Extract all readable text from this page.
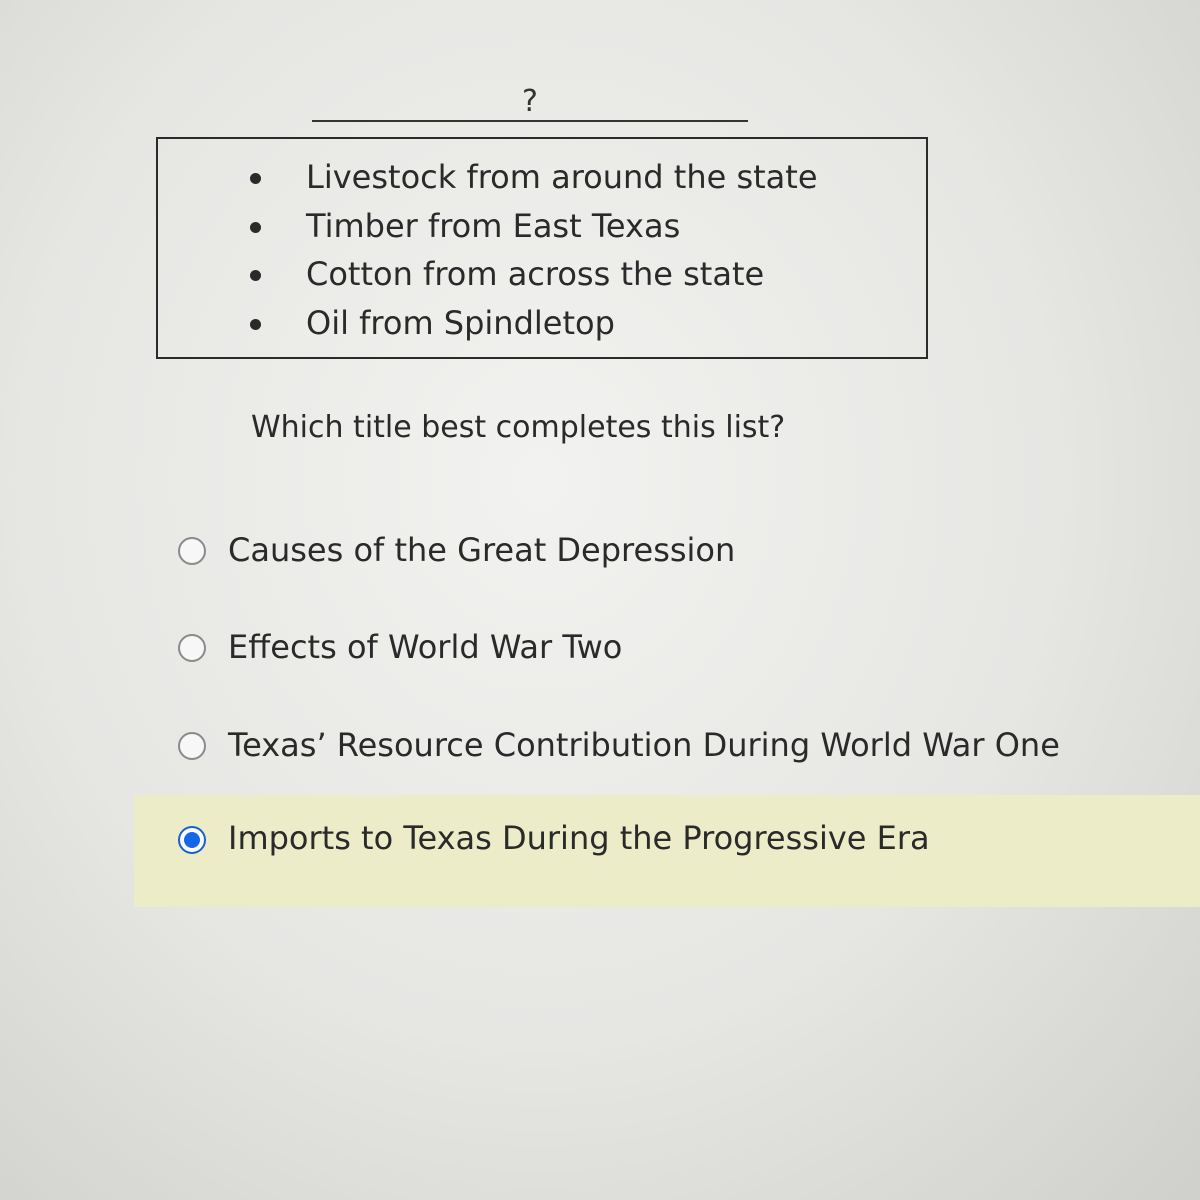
?
Livestock from around the state
Timber from East Texas
Cotton from across the state
Oil from Spindletop
Which title best completes this list?
Causes of the Great Depression
Effects of World War Two
Texas’ Resource Contribution During World War One
Imports to Texas During the Progressive Era
